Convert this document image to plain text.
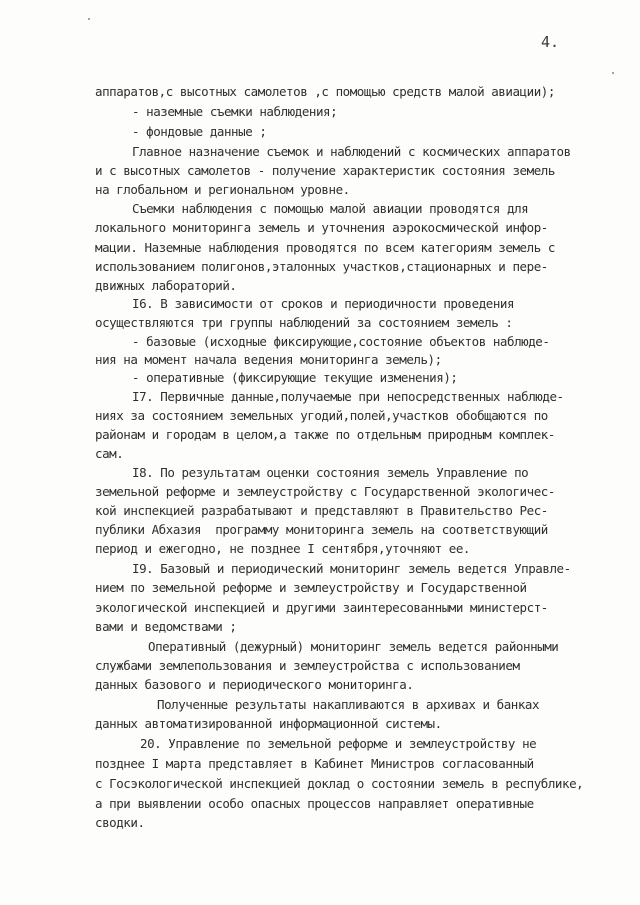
4.
аппаратов,с высотных самолетов ,с помощью средств малой авиации);
- наземные съемки наблюдения;
- фондовые данные ;
Главное назначение съемок и наблюдений с космических аппаратов
и с высотных самолетов - получение характеристик состояния земель
на глобальном и региональном уровне.
Съемки наблюдения с помощью малой авиации проводятся для
локального мониторинга земель и уточнения аэрокосмической инфор-
мации. Наземные наблюдения проводятся по всем категориям земель с
использованием полигонов,эталонных участков,стационарных и пере-
движных лабораторий.
I6. В зависимости от сроков и периодичности проведения
осуществляются три группы наблюдений за состоянием земель :
- базовые (исходные фиксирующие,состояние объектов наблюде-
ния на момент начала ведения мониторинга земель);
- оперативные (фиксирующие текущие изменения);
I7. Первичные данные,получаемые при непосредственных наблюде-
ниях за состоянием земельных угодий,полей,участков обобщаются по
районам и городам в целом,а также по отдельным природным комплек-
сам.
I8. По результатам оценки состояния земель Управление по
земельной реформе и землеустройству с Государственной экологичес-
кой инспекцией разрабатывают и представляют в Правительство Рес-
публики Абхазия  программу мониторинга земель на соответствующий
период и ежегодно, не позднее I сентября,уточняют ее.
I9. Базовый и периодический мониторинг земель ведется Управле-
нием по земельной реформе и землеустройству и Государственной
экологической инспекцией и другими заинтересованными министерст-
вами и ведомствами ;
Оперативный (дежурный) мониторинг земель ведется районными
службами землепользования и землеустройства с использованием
данных базового и периодического мониторинга.
Полученные результаты накапливаются в архивах и банках
данных автоматизированной информационной системы.
20. Управление по земельной реформе и землеустройству не
позднее I марта представляет в Кабинет Министров согласованный
с Госэкологической инспекцией доклад о состоянии земель в республике,
а при выявлении особо опасных процессов направляет оперативные
сводки.
